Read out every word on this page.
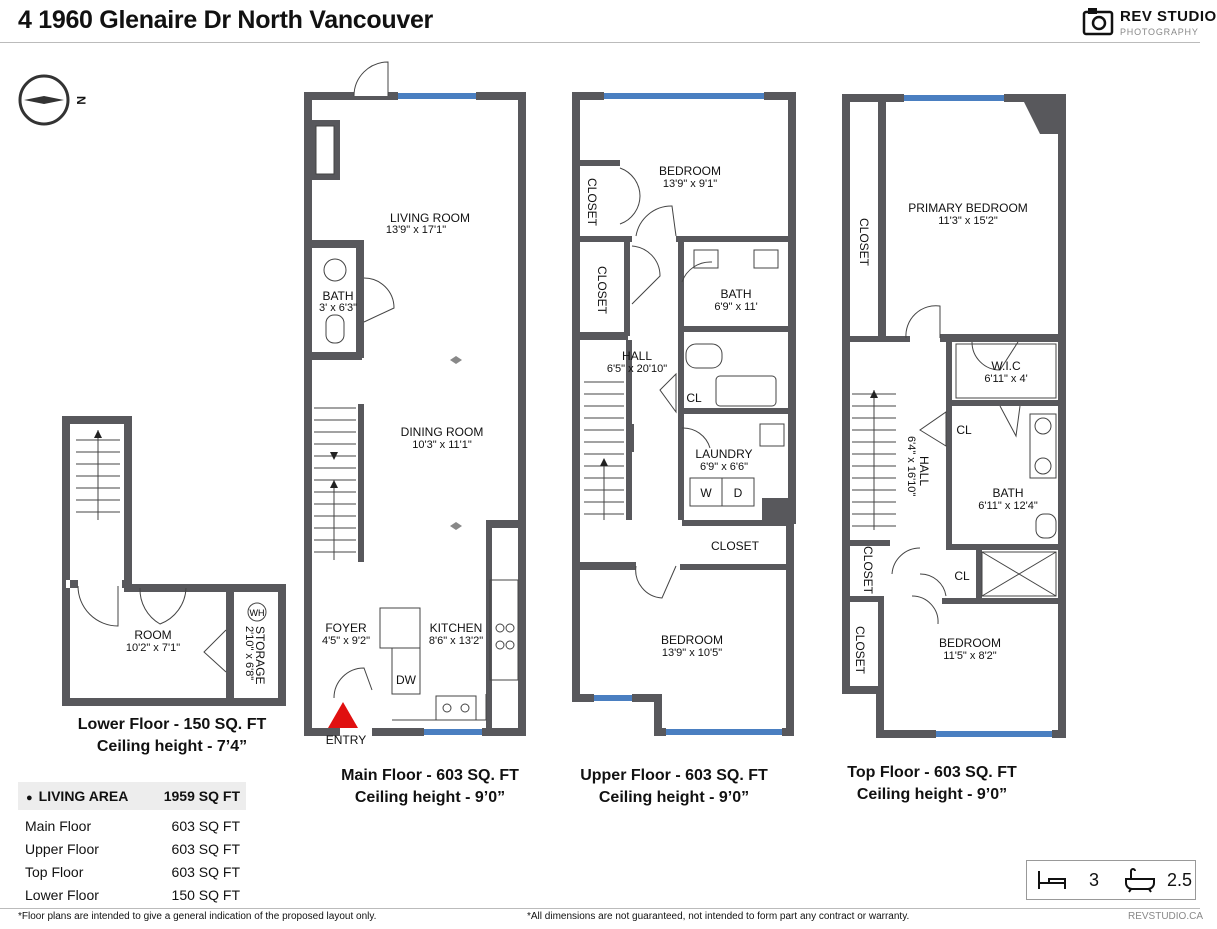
4 1960 Glenaire Dr North Vancouver	REV STUDIO
PHOTOGRAPHY
N
ROOM
10'2" x 7'1"
WH
STORAGE
2'10" x 6'8"
LIVING ROOM
13'9" x 17'1"
BATH
3' x 6'3"
DINING ROOM
10'3" x 11'1"
FOYER
4'5" x 9'2"
KITCHEN
8'6" x 13'2"
DW
ENTRY
BEDROOM
13'9" x 9'1"
CLOSET
CLOSET	BATH
6'9" x 11'
HALL
6'5" x 20'10"
CL
LAUNDRY
6'9" x 6'6"
W D
CLOSET
BEDROOM
13'9" x 10'5"
CLOSET
PRIMARY BEDROOM
11'3" x 15'2"
W.I.C
6'11" x 4'
HALL
6'4" x 16'10"
CL
BATH
6'11" x 12'4"
CLOSET	CL
CLOSET	BEDROOM
11'5" x 8'2"
Lower Floor - 150 SQ. FT
Ceiling height - 7’4”
Main Floor - 603 SQ. FT
Ceiling height - 9’0”
Upper Floor - 603 SQ. FT
Ceiling height - 9’0”
Top Floor - 603 SQ. FT
Ceiling height - 9’0”
● LIVING AREA	1959 SQ FT
Main Floor	603 SQ FT
Upper Floor	603 SQ FT
Top Floor	603 SQ FT
Lower Floor	150 SQ FT
3	2.5
*Floor plans are intended to give a general indication of the proposed layout only.	*All dimensions are not guaranteed, not intended to form part any contract or warranty.	REVSTUDIO.CA
